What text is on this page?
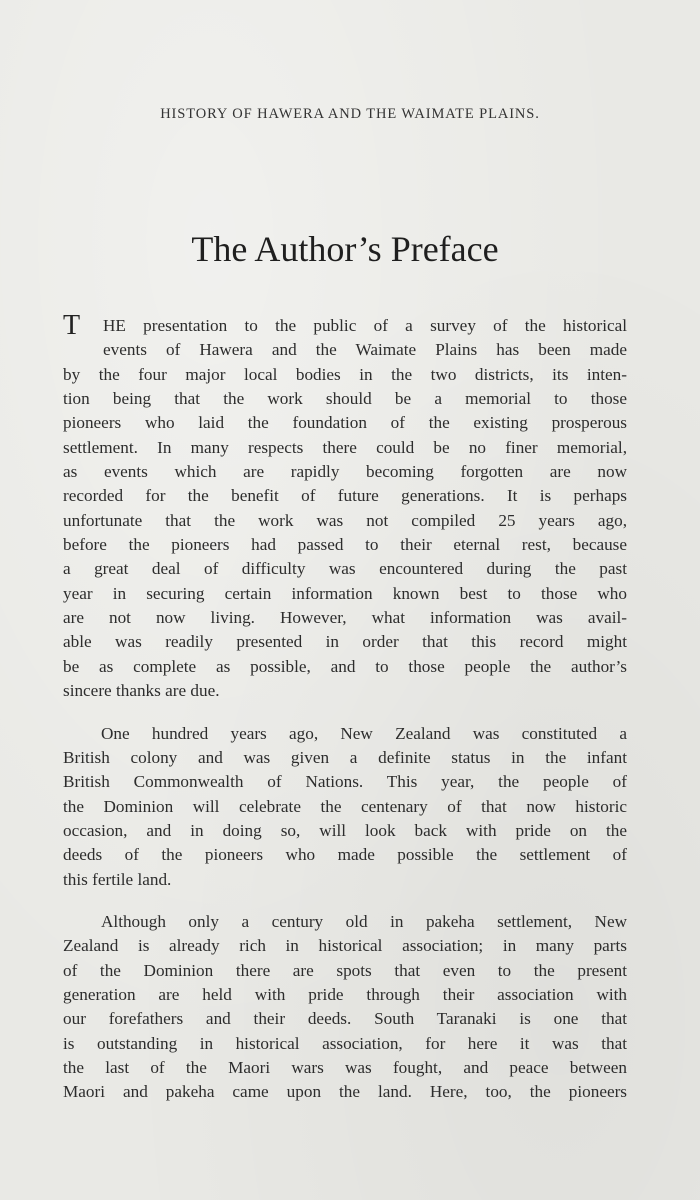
HISTORY OF HAWERA AND THE WAIMATE PLAINS.
The Author’s Preface
T HE presentation to the public of a survey of the historical
events of Hawera and the Waimate Plains has been made
by the four major local bodies in the two districts, its inten-
tion being that the work should be a memorial to those
pioneers who laid the foundation of the existing prosperous
settlement. In many respects there could be no finer memorial,
as events which are rapidly becoming forgotten are now
recorded for the benefit of future generations. It is perhaps
unfortunate that the work was not compiled 25 years ago,
before the pioneers had passed to their eternal rest, because
a great deal of difficulty was encountered during the past
year in securing certain information known best to those who
are not now living. However, what information was avail-
able was readily presented in order that this record might
be as complete as possible, and to those people the author’s
sincere thanks are due.
One hundred years ago, New Zealand was constituted a
British colony and was given a definite status in the infant
British Commonwealth of Nations. This year, the people of
the Dominion will celebrate the centenary of that now historic
occasion, and in doing so, will look back with pride on the
deeds of the pioneers who made possible the settlement of
this fertile land.
Although only a century old in pakeha settlement, New
Zealand is already rich in historical association; in many parts
of the Dominion there are spots that even to the present
generation are held with pride through their association with
our forefathers and their deeds. South Taranaki is one that
is outstanding in historical association, for here it was that
the last of the Maori wars was fought, and peace between
Maori and pakeha came upon the land. Here, too, the pioneers
